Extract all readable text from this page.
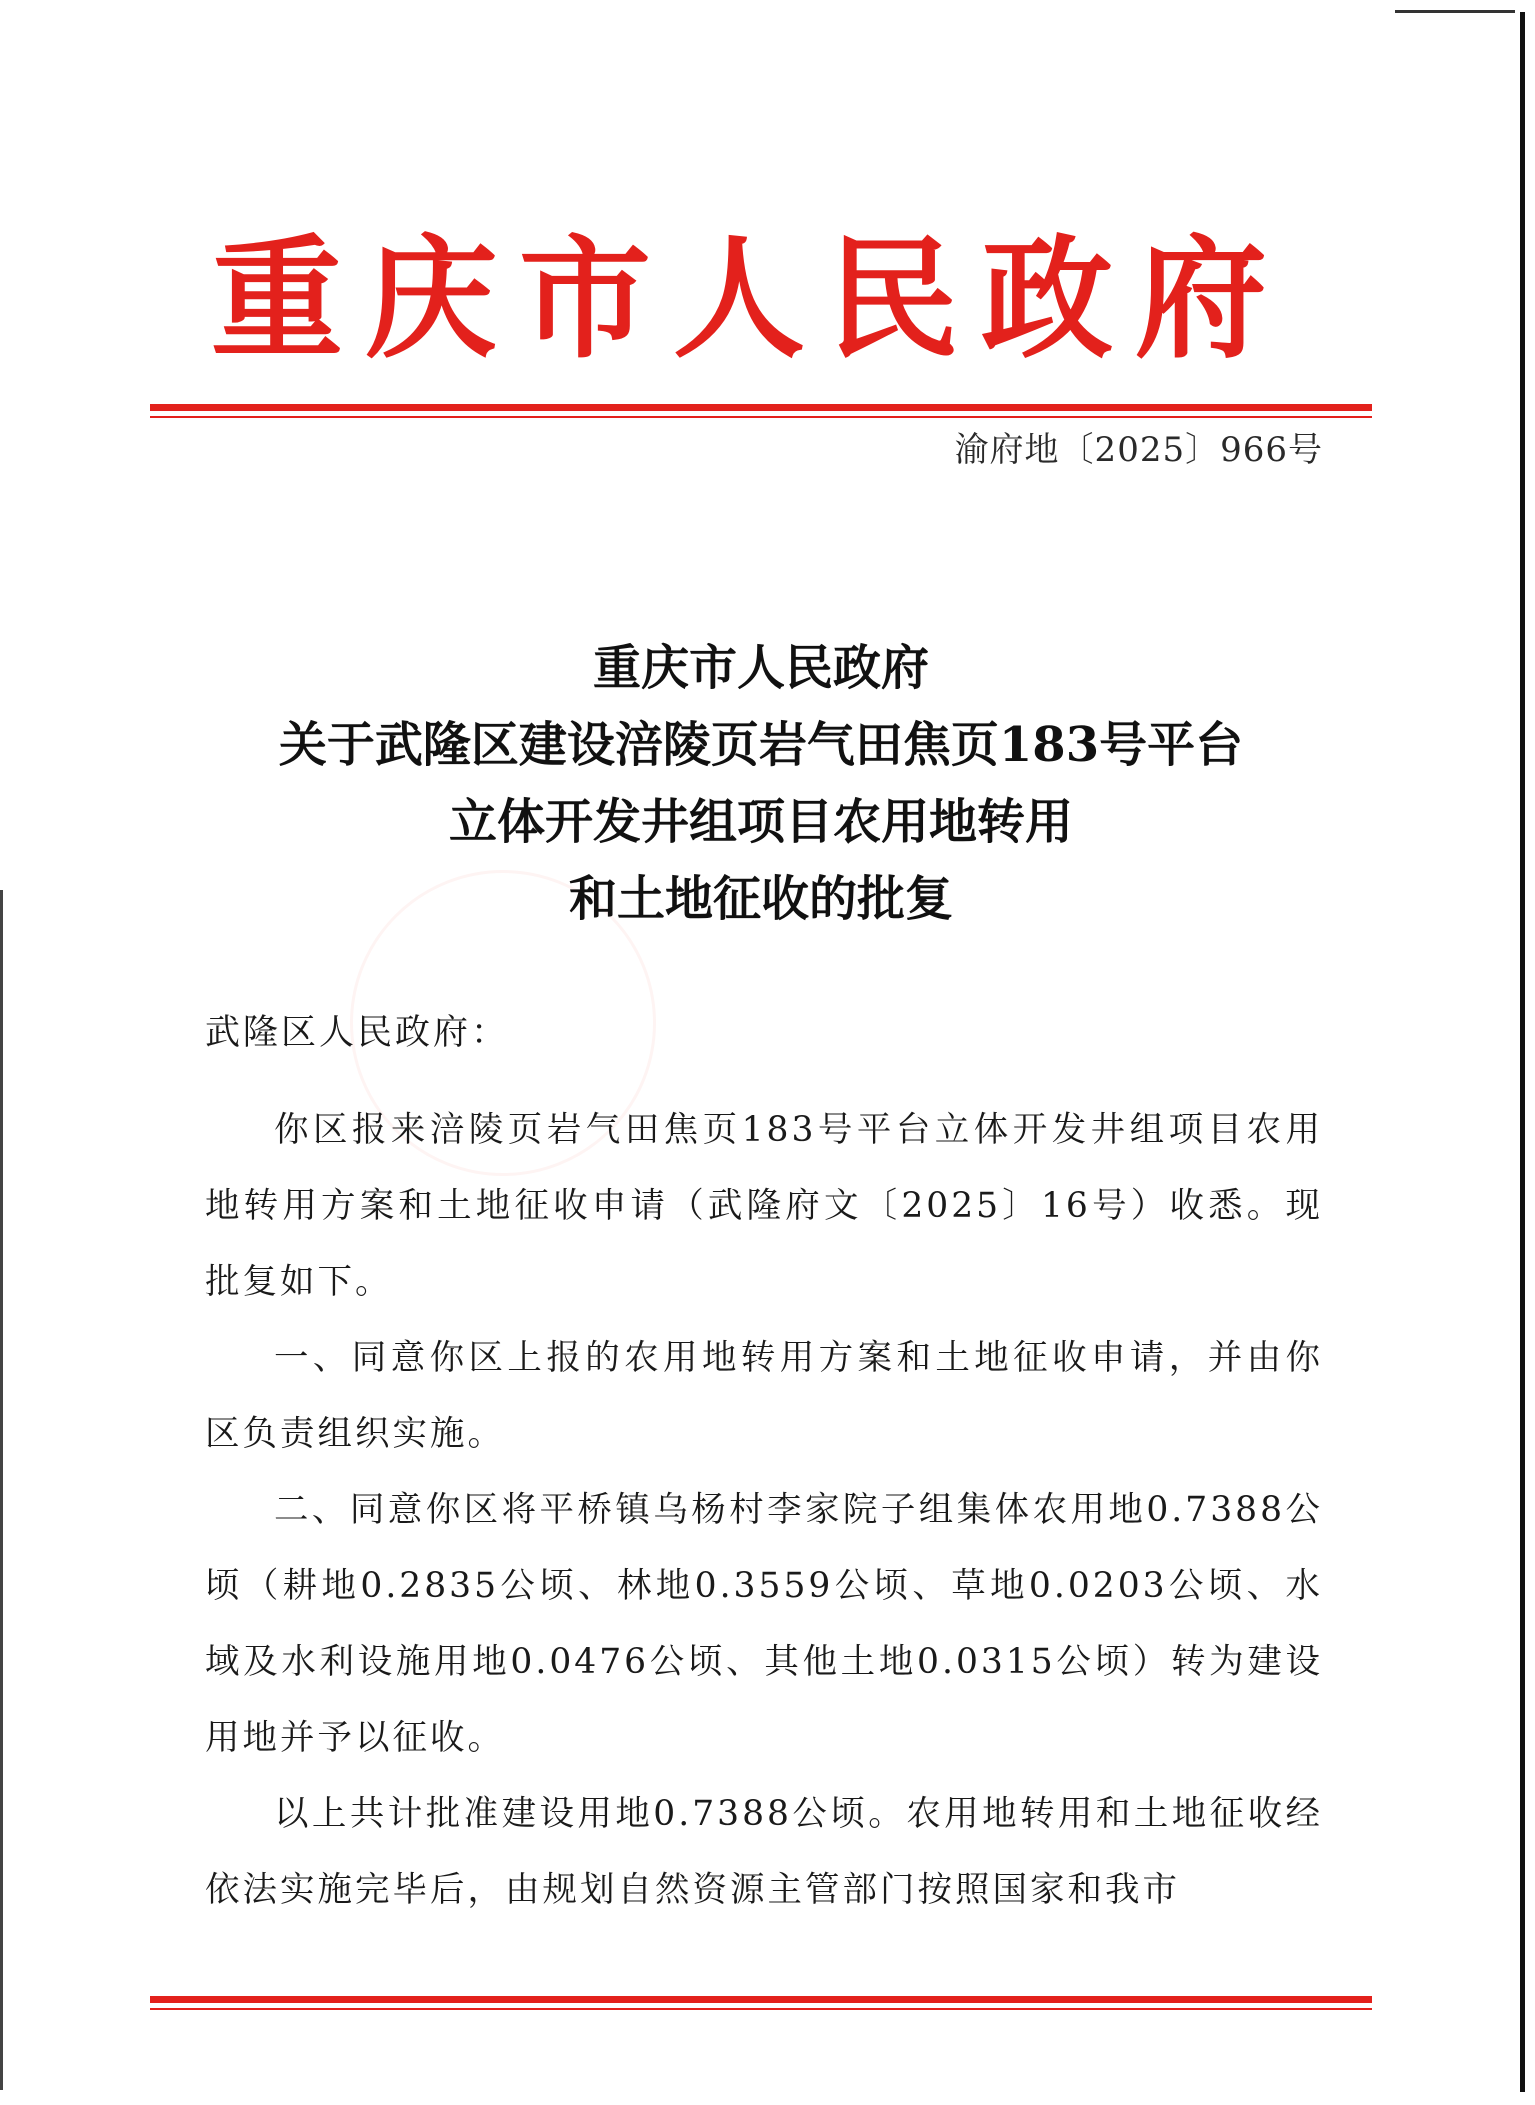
重庆市人民政府
渝府地〔2025〕966号
重庆市人民政府
关于武隆区建设涪陵页岩气田焦页183号平台
立体开发井组项目农用地转用
和土地征收的批复
武隆区人民政府：

你区报来涪陵页岩气田焦页183号平台立体开发井组项目农用地转用方案和土地征收申请（武隆府文〔2025〕16号）收悉。现批复如下。

一、同意你区上报的农用地转用方案和土地征收申请，并由你区负责组织实施。

二、同意你区将平桥镇乌杨村李家院子组集体农用地0.7388公顷（耕地0.2835公顷、林地0.3559公顷、草地0.0203公顷、水域及水利设施用地0.0476公顷、其他土地0.0315公顷）转为建设用地并予以征收。

以上共计批准建设用地0.7388公顷。农用地转用和土地征收经依法实施完毕后，由规划自然资源主管部门按照国家和我市
